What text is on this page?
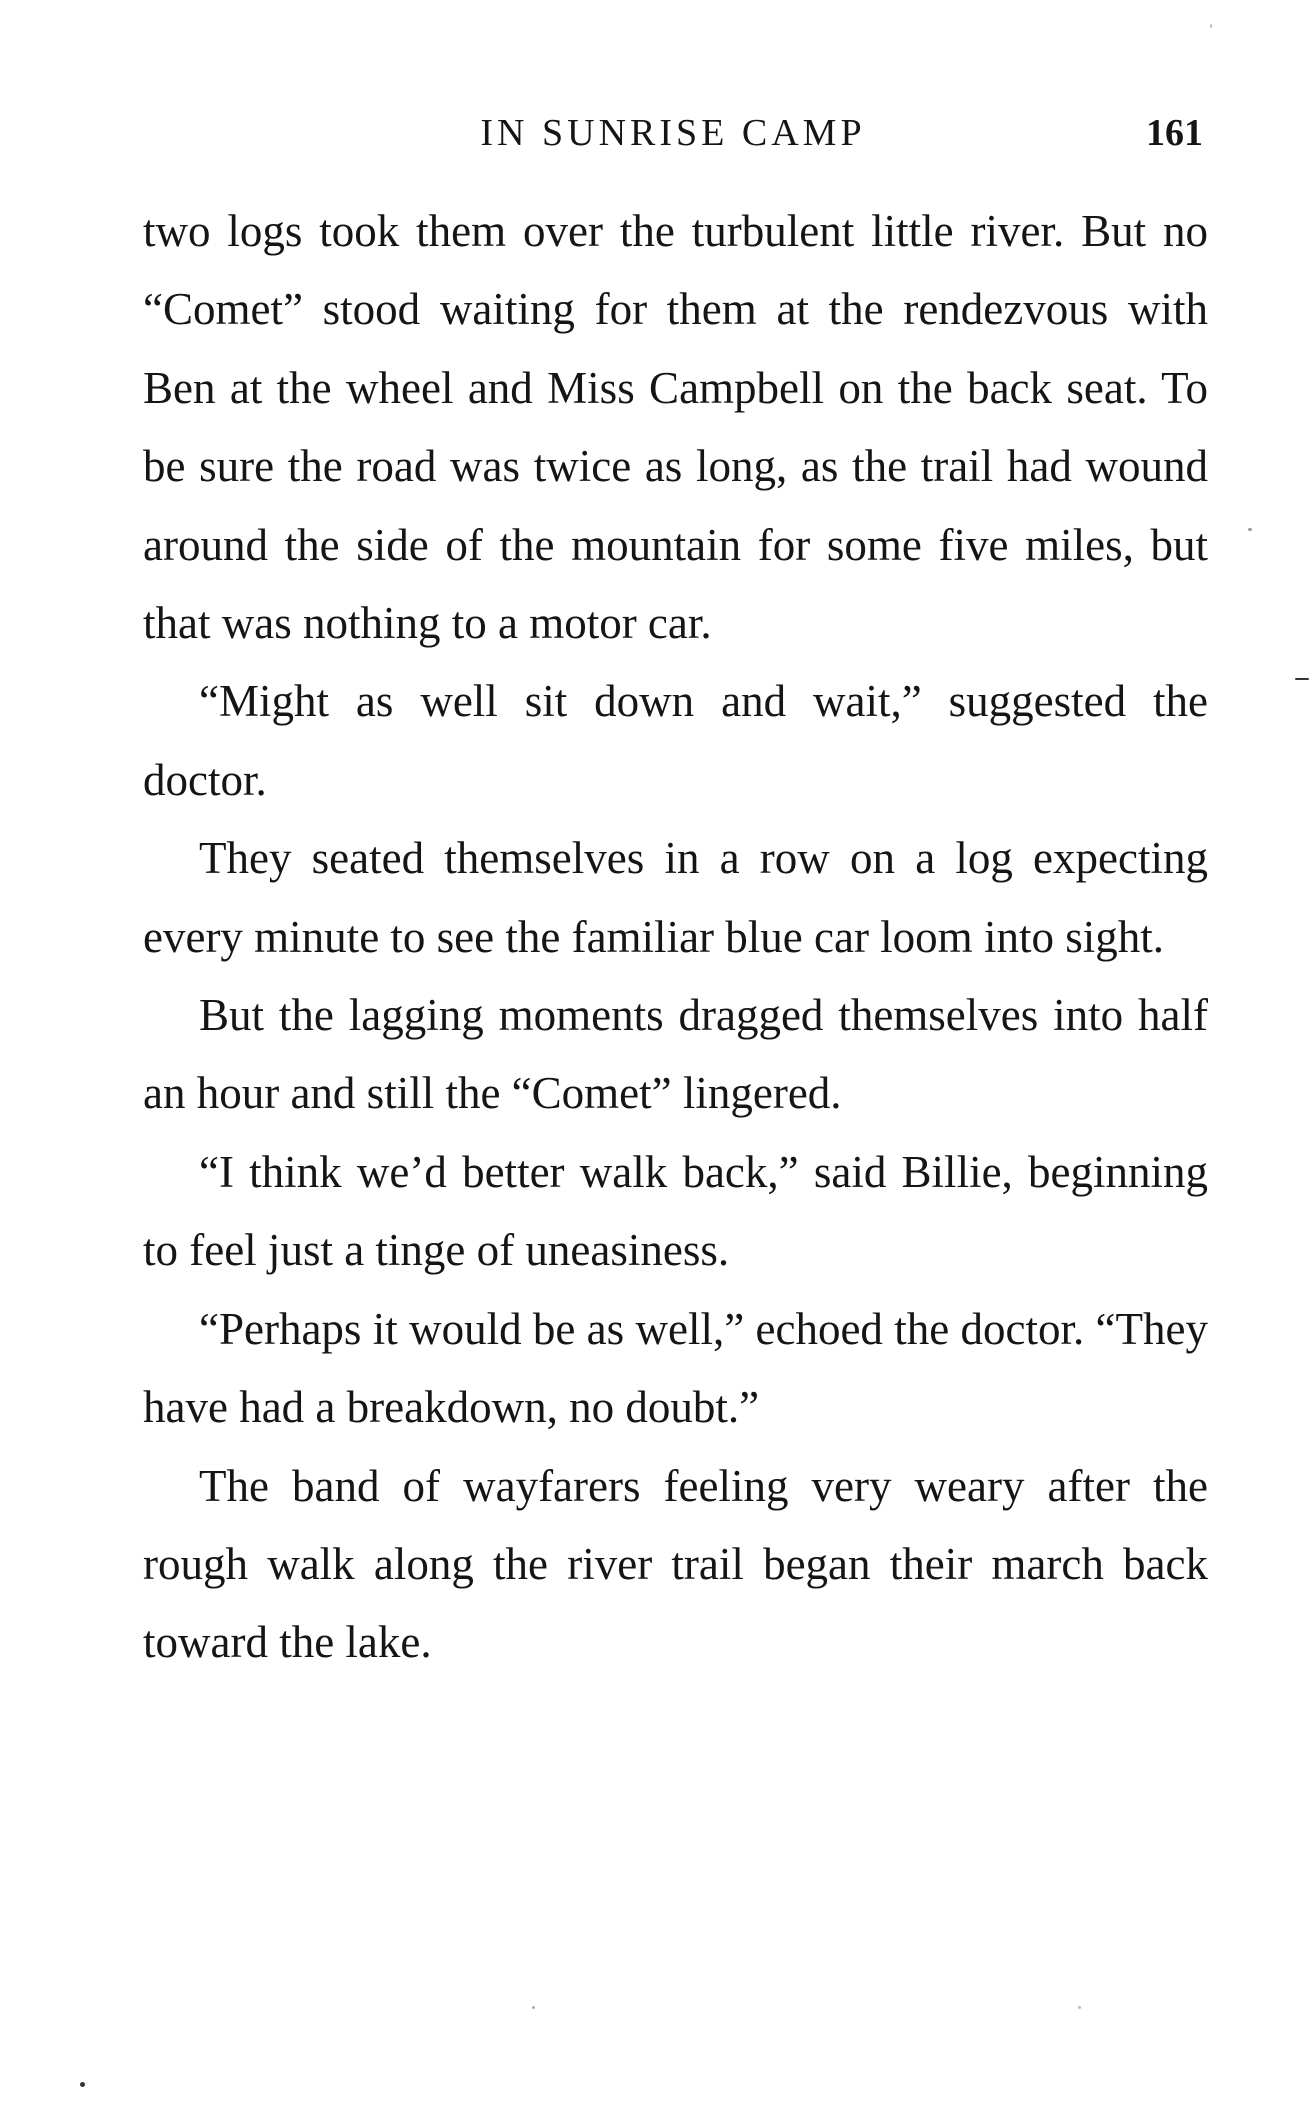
IN SUNRISE CAMP	161

two logs took them over the turbulent little river. But no “Comet” stood waiting for them at the rendezvous with Ben at the wheel and Miss Campbell on the back seat. To be sure the road was twice as long, as the trail had wound around the side of the mountain for some five miles, but that was nothing to a motor car.

“Might as well sit down and wait,” suggested the doctor.

They seated themselves in a row on a log expecting every minute to see the familiar blue car loom into sight.

But the lagging moments dragged themselves into half an hour and still the “Comet” lingered.

“I think we’d better walk back,” said Billie, beginning to feel just a tinge of uneasiness.

“Perhaps it would be as well,” echoed the doctor. “They have had a breakdown, no doubt.”

The band of wayfarers feeling very weary after the rough walk along the river trail began their march back toward the lake.
